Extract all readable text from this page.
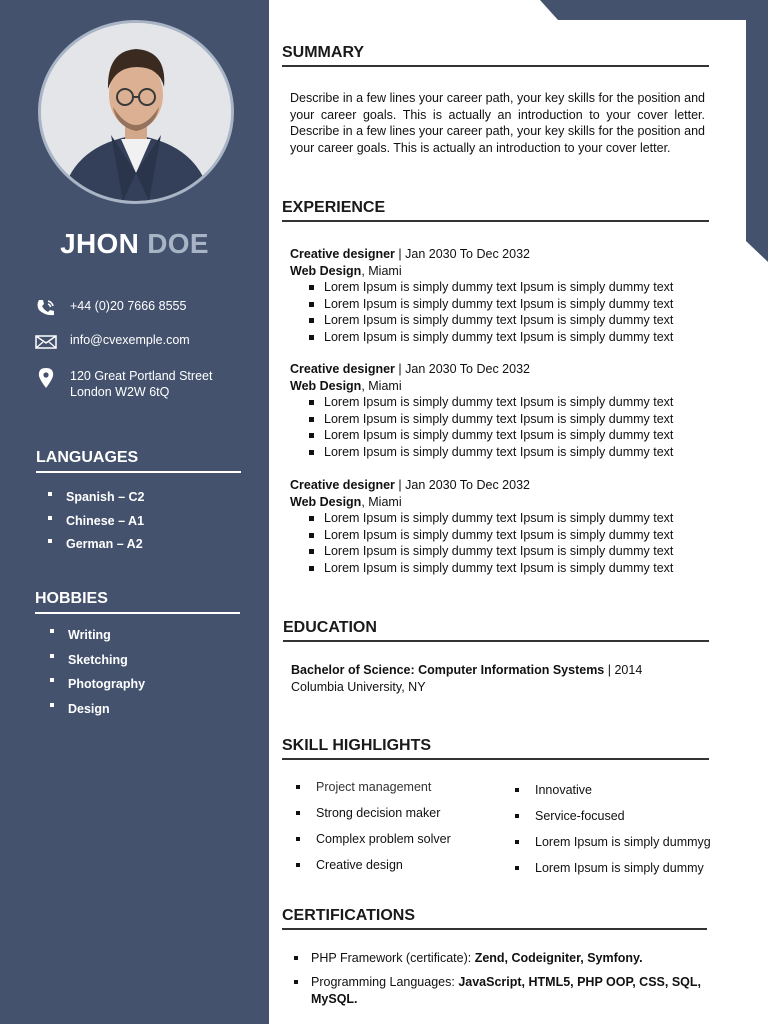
JHON DOE
+44 (0)20 7666 8555
info@cvexemple.com
120 Great Portland Street
London W2W 6tQ
LANGUAGES
Spanish – C2
Chinese – A1
German – A2
HOBBIES
Writing
Sketching
Photography
Design
SUMMARY
Describe in a few lines your career path, your key skills for the position and your career goals. This is actually an introduction to your cover letter. Describe in a few lines your career path, your key skills for the position and your career goals. This is actually an introduction to your cover letter.
EXPERIENCE
Creative designer | Jan 2030 To Dec 2032
Web Design, Miami
Lorem Ipsum is simply dummy text Ipsum is simply dummy text
Lorem Ipsum is simply dummy text Ipsum is simply dummy text
Lorem Ipsum is simply dummy text Ipsum is simply dummy text
Lorem Ipsum is simply dummy text Ipsum is simply dummy text
Creative designer | Jan 2030 To Dec 2032
Web Design, Miami
Lorem Ipsum is simply dummy text Ipsum is simply dummy text
Lorem Ipsum is simply dummy text Ipsum is simply dummy text
Lorem Ipsum is simply dummy text Ipsum is simply dummy text
Lorem Ipsum is simply dummy text Ipsum is simply dummy text
Creative designer | Jan 2030 To Dec 2032
Web Design, Miami
Lorem Ipsum is simply dummy text Ipsum is simply dummy text
Lorem Ipsum is simply dummy text Ipsum is simply dummy text
Lorem Ipsum is simply dummy text Ipsum is simply dummy text
Lorem Ipsum is simply dummy text Ipsum is simply dummy text
EDUCATION
Bachelor of Science: Computer Information Systems | 2014
Columbia University, NY
SKILL HIGHLIGHTS
Project management
Strong decision maker
Complex problem solver
Creative design
Innovative
Service-focused
Lorem Ipsum is simply dummyg
Lorem Ipsum is simply dummy
CERTIFICATIONS
PHP Framework (certificate): Zend, Codeigniter, Symfony.
Programming Languages: JavaScript, HTML5, PHP OOP, CSS, SQL, MySQL.
